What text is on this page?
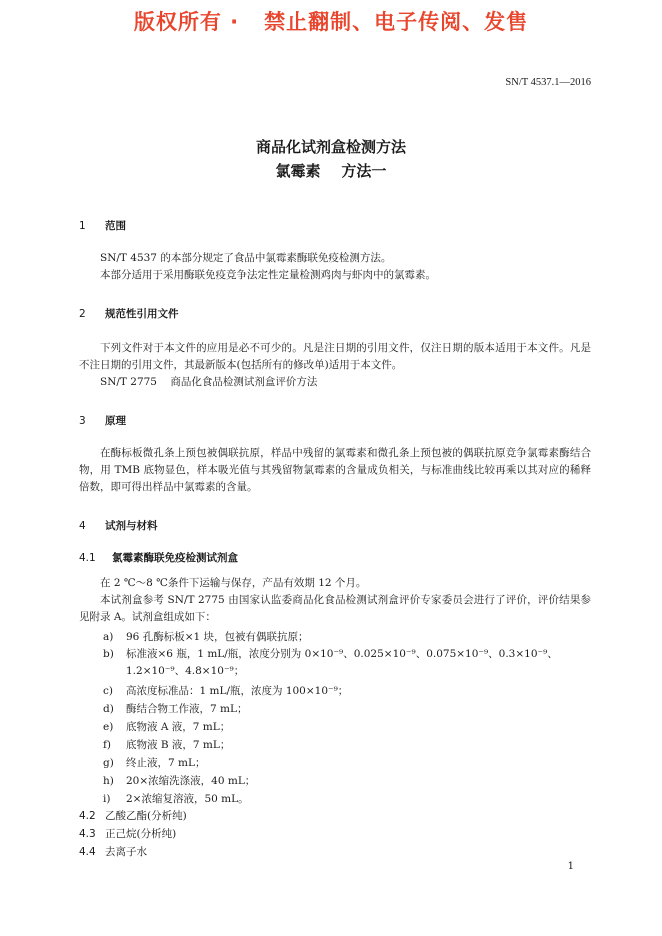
版权所有 ·   禁止翻制、电子传阅、发售
SN/T 4537.1—2016
商品化试剂盒检测方法
氯霉素    方法一
1 范围
SN/T 4537 的本部分规定了食品中氯霉素酶联免疫检测方法。
本部分适用于采用酶联免疫竞争法定性定量检测鸡肉与虾肉中的氯霉素。
2 规范性引用文件
下列文件对于本文件的应用是必不可少的。凡是注日期的引用文件，仅注日期的版本适用于本文件。凡是不注日期的引用文件，其最新版本(包括所有的修改单)适用于本文件。
SN/T 2775    商品化食品检测试剂盒评价方法
3 原理
在酶标板微孔条上预包被偶联抗原，样品中残留的氯霉素和微孔条上预包被的偶联抗原竞争氯霉素酶结合物，用 TMB 底物显色，样本吸光值与其残留物氯霉素的含量成负相关，与标准曲线比较再乘以其对应的稀释倍数，即可得出样品中氯霉素的含量。
4 试剂与材料
4.1 氯霉素酶联免疫检测试剂盒
在 2 ℃～8 ℃条件下运输与保存，产品有效期 12 个月。
本试剂盒参考 SN/T 2775 由国家认监委商品化食品检测试剂盒评价专家委员会进行了评价，评价结果参见附录 A。试剂盒组成如下：
a) 96 孔酶标板×1 块，包被有偶联抗原；
b) 标准液×6 瓶，1 mL/瓶，浓度分别为 0×10⁻⁹、0.025×10⁻⁹、0.075×10⁻⁹、0.3×10⁻⁹、1.2×10⁻⁹、4.8×10⁻⁹；
c) 高浓度标准品：1 mL/瓶，浓度为 100×10⁻⁹；
d) 酶结合物工作液，7 mL；
e) 底物液 A 液，7 mL；
f) 底物液 B 液，7 mL；
g) 终止液，7 mL；
h) 20×浓缩洗涤液，40 mL；
i) 2×浓缩复溶液，50 mL。
4.2 乙酸乙酯(分析纯)
4.3 正己烷(分析纯)
4.4 去离子水
1
